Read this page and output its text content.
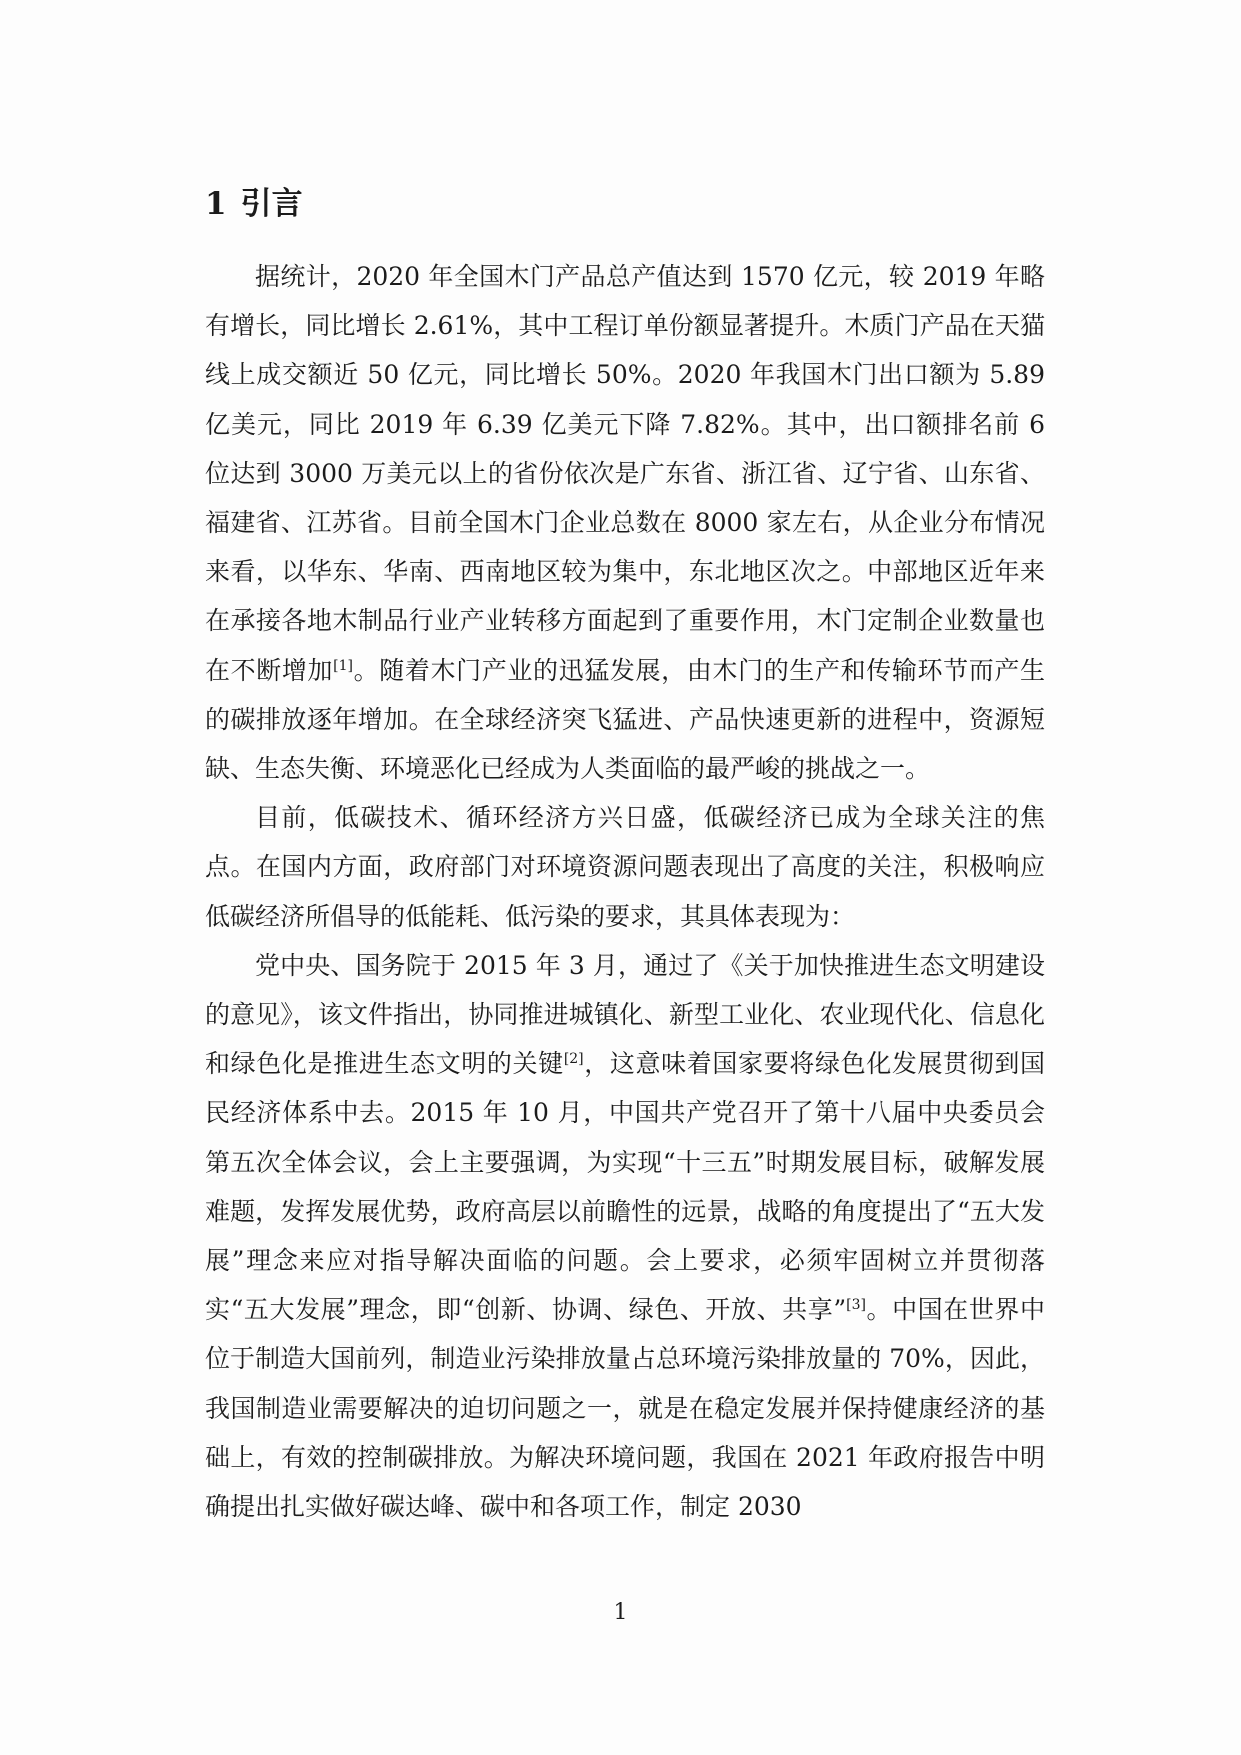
1 引言

据统计，2020 年全国木门产品总产值达到 1570 亿元，较 2019 年略有增长，同比增长 2.61%，其中工程订单份额显著提升。木质门产品在天猫线上成交额近 50 亿元，同比增长 50%。2020 年我国木门出口额为 5.89 亿美元，同比 2019 年 6.39 亿美元下降 7.82%。其中，出口额排名前 6 位达到 3000 万美元以上的省份依次是广东省、浙江省、辽宁省、山东省、福建省、江苏省。目前全国木门企业总数在 8000 家左右，从企业分布情况来看，以华东、华南、西南地区较为集中，东北地区次之。中部地区近年来在承接各地木制品行业产业转移方面起到了重要作用，木门定制企业数量也在不断增加[1]。随着木门产业的迅猛发展，由木门的生产和传输环节而产生的碳排放逐年增加。在全球经济突飞猛进、产品快速更新的进程中，资源短缺、生态失衡、环境恶化已经成为人类面临的最严峻的挑战之一。

目前，低碳技术、循环经济方兴日盛，低碳经济已成为全球关注的焦点。在国内方面，政府部门对环境资源问题表现出了高度的关注，积极响应低碳经济所倡导的低能耗、低污染的要求，其具体表现为：

党中央、国务院于 2015 年 3 月，通过了《关于加快推进生态文明建设的意见》，该文件指出，协同推进城镇化、新型工业化、农业现代化、信息化和绿色化是推进生态文明的关键[2]，这意味着国家要将绿色化发展贯彻到国民经济体系中去。2015 年 10 月，中国共产党召开了第十八届中央委员会第五次全体会议，会上主要强调，为实现“十三五”时期发展目标，破解发展难题，发挥发展优势，政府高层以前瞻性的远景，战略的角度提出了“五大发展”理念来应对指导解决面临的问题。会上要求，必须牢固树立并贯彻落实“五大发展”理念，即“创新、协调、绿色、开放、共享”[3]。中国在世界中位于制造大国前列，制造业污染排放量占总环境污染排放量的 70%，因此，我国制造业需要解决的迫切问题之一，就是在稳定发展并保持健康经济的基础上，有效的控制碳排放。为解决环境问题，我国在 2021 年政府报告中明确提出扎实做好碳达峰、碳中和各项工作，制定 2030

1
